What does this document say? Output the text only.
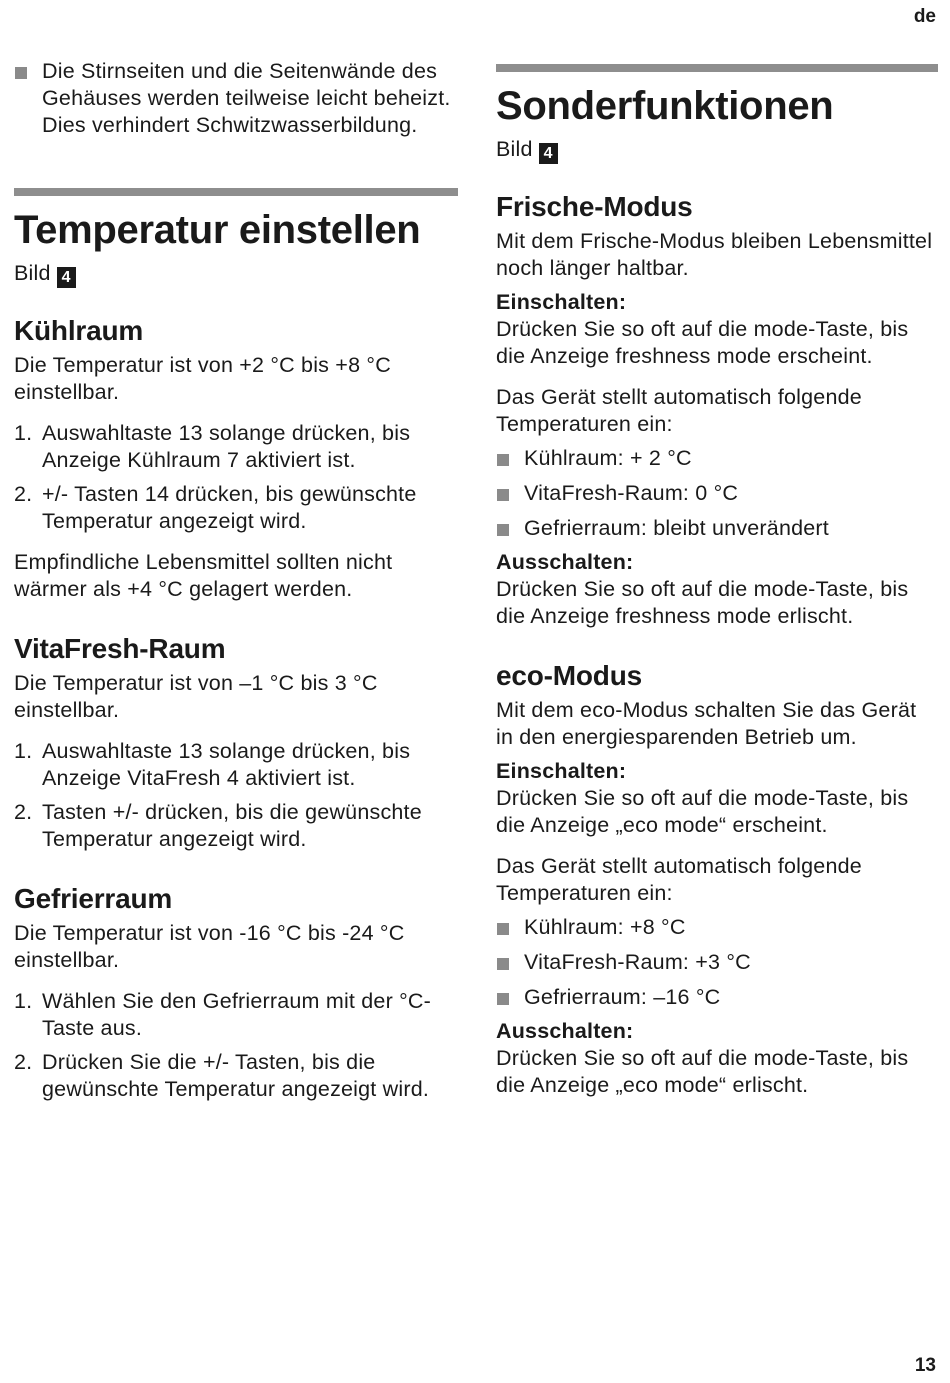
de
13
Die Stirnseiten und die Seitenwände des Gehäuses werden teilweise leicht beheizt. Dies verhindert Schwitzwasserbildung.
Temperatur einstellen

Bild 4

Kühlraum

Die Temperatur ist von +2 °C bis +8 °C einstellbar.

1. Auswahltaste 13 solange drücken, bis Anzeige Kühlraum 7 aktiviert ist.
2. +/- Tasten 14 drücken, bis gewünschte Temperatur angezeigt wird.

Empfindliche Lebensmittel sollten nicht wärmer als +4 °C gelagert werden.

VitaFresh-Raum

Die Temperatur ist von –1 °C bis 3 °C einstellbar.

1. Auswahltaste 13 solange drücken, bis Anzeige VitaFresh 4 aktiviert ist.
2. Tasten +/- drücken, bis die gewünschte Temperatur angezeigt wird.
Gefrierraum

Die Temperatur ist von -16 °C bis -24 °C einstellbar.

1. Wählen Sie den Gefrierraum mit der °C-Taste aus.
2. Drücken Sie die +/- Tasten, bis die gewünschte Temperatur angezeigt wird.
Sonderfunktionen

Bild 4

Frische-Modus

Mit dem Frische-Modus bleiben Lebensmittel noch länger haltbar.

Einschalten:

Drücken Sie so oft auf die mode-Taste, bis die Anzeige freshness mode erscheint.

Das Gerät stellt automatisch folgende Temperaturen ein:

Kühlraum: + 2 °C
VitaFresh-Raum: 0 °C
Gefrierraum: bleibt unverändert

Ausschalten:

Drücken Sie so oft auf die mode-Taste, bis die Anzeige freshness mode erlischt.

eco-Modus

Mit dem eco-Modus schalten Sie das Gerät in den energiesparenden Betrieb um.

Einschalten:

Drücken Sie so oft auf die mode-Taste, bis die Anzeige „eco mode“ erscheint.

Das Gerät stellt automatisch folgende Temperaturen ein:

Kühlraum: +8 °C
VitaFresh-Raum: +3 °C
Gefrierraum: –16 °C

Ausschalten:

Drücken Sie so oft auf die mode-Taste, bis die Anzeige „eco mode“ erlischt.
